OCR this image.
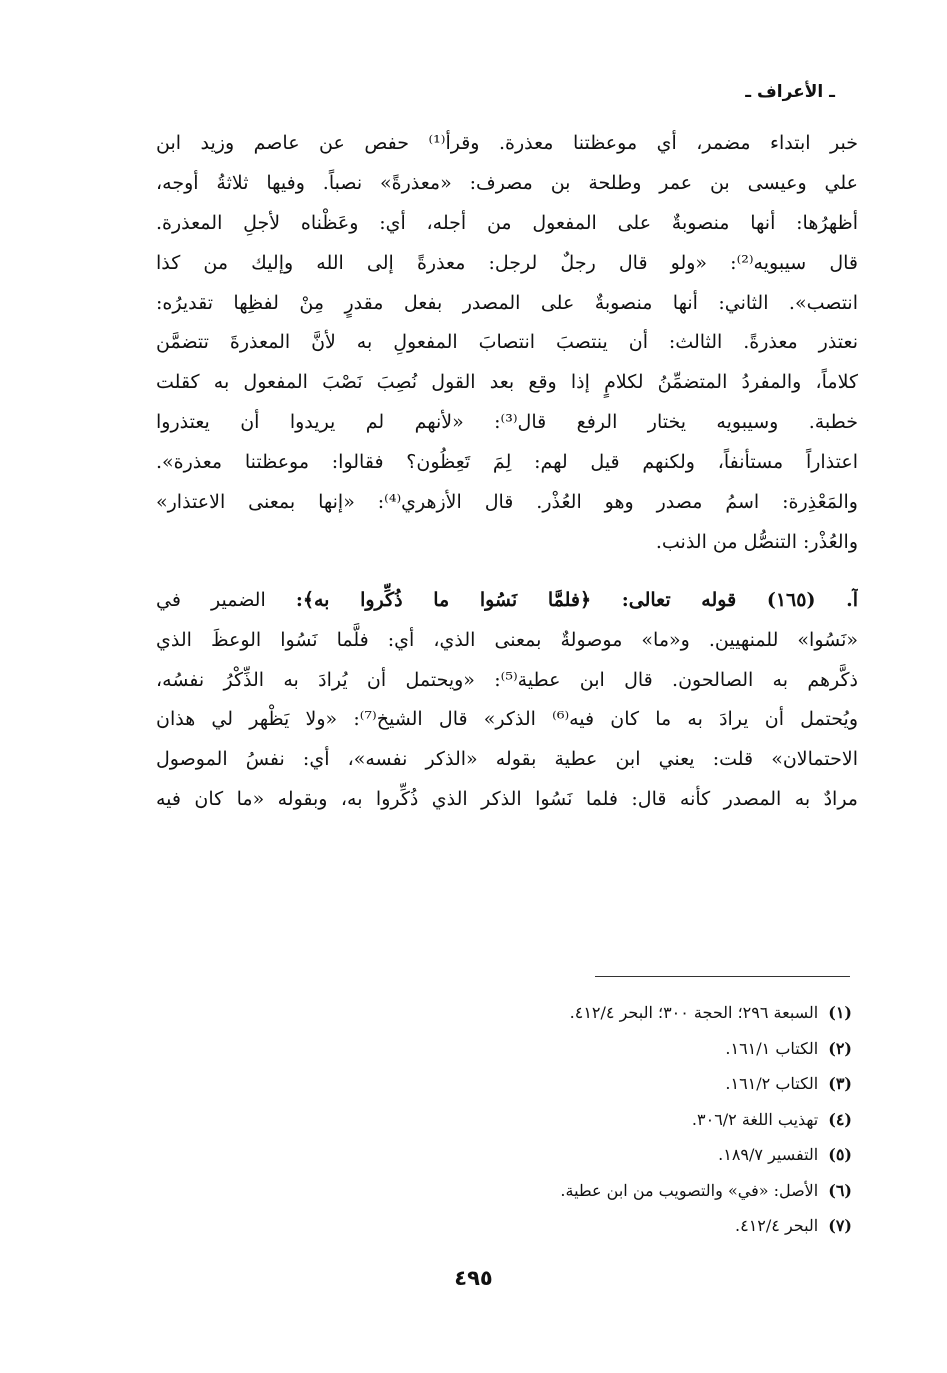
ـ الأعراف ـ
خبر ابتداء مضمر، أي موعظتنا معذرة. وقرأ⁽¹⁾ حفص عن عاصم وزيد ابن
علي وعيسى بن عمر وطلحة بن مصرف: «معذرةً» نصباً. وفيها ثلاثةُ أوجه،
أظهرُها: أنها منصوبةٌ على المفعول من أجله، أي: وعَظْناه لأجلِ المعذرة.
قال سيبويه⁽²⁾: «ولو قال رجلٌ لرجل: معذرةً إلى الله وإليك من كذا
انتصب». الثاني: أنها منصوبةٌ على المصدر بفعل مقدرٍ مِنْ لفظِها تقديرُه:
نعتذر معذرةً. الثالث: أن ينتصبَ انتصابَ المفعولِ به لأنَّ المعذرةَ تتضمَّن
كلاماً، والمفردُ المتضمِّنُ لكلامٍ إذا وقع بعد القول نُصِبَ نَصْبَ المفعول به كقلت
خطبة. وسيبويه يختار الرفع قال⁽³⁾: «لأنهم لم يريدوا أن يعتذروا
اعتذاراً مستأنفاً، ولكنهم قيل لهم: لِمَ تَعِظُون؟ فقالوا: موعظتنا معذرة».
والمَعْذِرة: اسمُ مصدر وهو العُذْر. قال الأزهري⁽⁴⁾: «إنها بمعنى الاعتذار»
والعُذْر: التنصُّل من الذنب.
آ. (١٦٥) قوله تعالى: ﴿فلمَّا نَسُوا ما ذُكِّروا به﴾: الضمير في
«نَسُوا» للمنهيين. و«ما» موصولةٌ بمعنى الذي، أي: فلَّما نَسُوا الوعظَ الذي
ذكَّرهم به الصالحون. قال ابن عطية⁽⁵⁾: «ويحتمل أن يُرادَ به الذِّكْرُ نفسُه،
ويُحتمل أن يرادَ به ما كان فيه⁽⁶⁾ الذكر» قال الشيخ⁽⁷⁾: «ولا يَظْهر لي هذان
الاحتمالان» قلت: يعني ابن عطية بقوله «الذكر نفسه»، أي: نفسُ الموصول
مرادٌ به المصدر كأنه قال: فلما نَسُوا الذكر الذي ذُكِّروا به، وبقوله «ما كان فيه
(١)السبعة ٢٩٦؛ الحجة ٣٠٠؛ البحر ٤١٢/٤.
(٢)الكتاب ١٦١/١.
(٣)الكتاب ١٦١/٢.
(٤)تهذيب اللغة ٣٠٦/٢.
(٥)التفسير ١٨٩/٧.
(٦)الأصل: «في» والتصويب من ابن عطية.
(٧)البحر ٤١٢/٤.
٤٩٥
